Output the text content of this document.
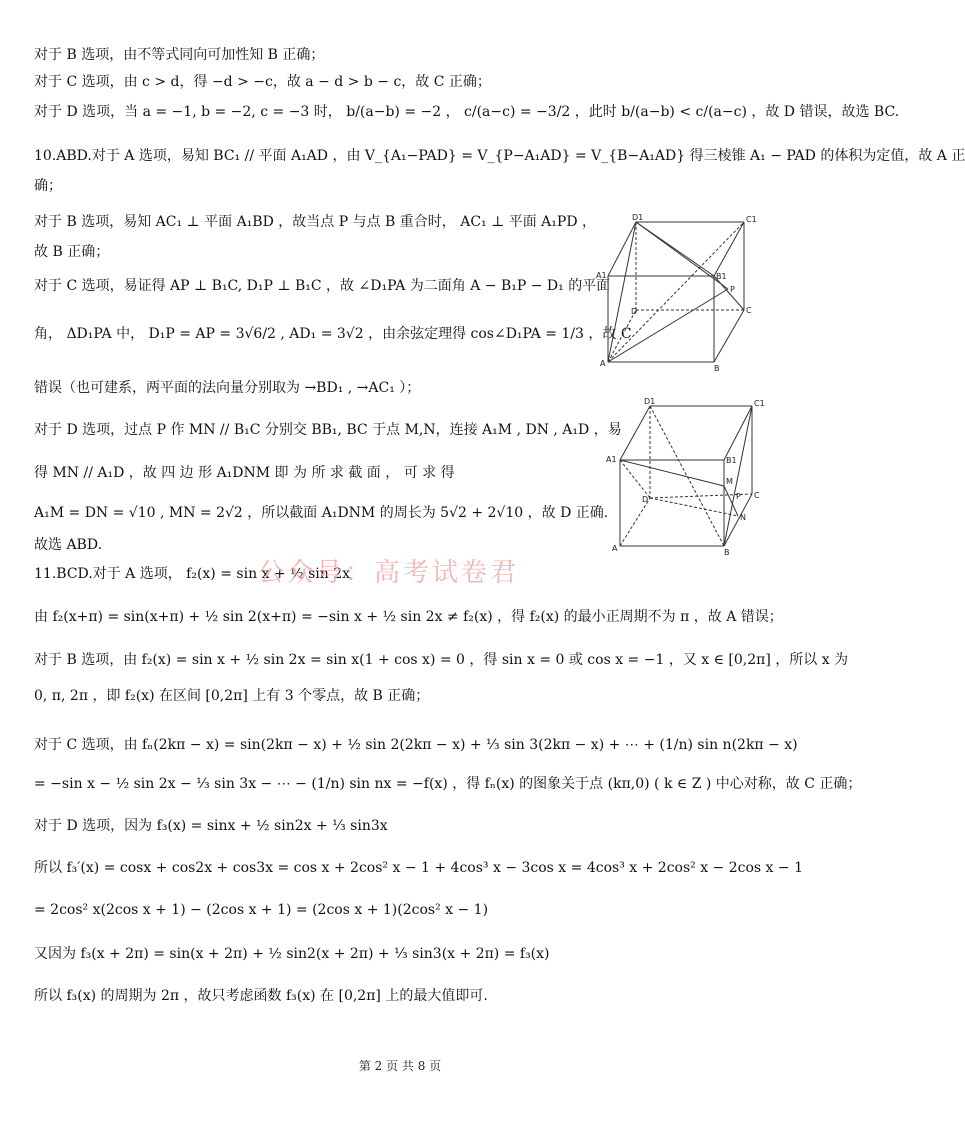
对于 B 选项，由不等式同向可加性知 B 正确；
对于 C 选项，由 c > d，得 −d > −c，故 a − d > b − c，故 C 正确；
对于 D 选项，当 a = −1, b = −2, c = −3 时， b/(a−b) = −2 ， c/(a−c) = −3/2 ，此时 b/(a−b) < c/(a−c) ，故 D 错误，故选 BC.
10.ABD.对于 A 选项，易知 BC₁ // 平面 A₁AD ，由 V_{A₁−PAD} = V_{P−A₁AD} = V_{B−A₁AD} 得三棱锥 A₁ − PAD 的体积为定值，故 A 正
确；
对于 B 选项，易知 AC₁ ⊥ 平面 A₁BD ，故当点 P 与点 B 重合时， AC₁ ⊥ 平面 A₁PD ，
故 B 正确；
对于 C 选项，易证得 AP ⊥ B₁C, D₁P ⊥ B₁C ，故 ∠D₁PA 为二面角 A − B₁P − D₁ 的平面
角， ΔD₁PA 中， D₁P = AP = 3√6/2 , AD₁ = 3√2 ，由余弦定理得 cos∠D₁PA = 1/3 ，故 C
错误（也可建系，两平面的法向量分别取为 →BD₁ , →AC₁ ）；
对于 D 选项，过点 P 作 MN // B₁C 分别交 BB₁, BC 于点 M,N，连接 A₁M , DN , A₁D ，易
得 MN // A₁D ，故 四 边 形 A₁DNM 即 为 所 求 截 面 ， 可 求 得
A₁M = DN = √10 , MN = 2√2 ，所以截面 A₁DNM 的周长为 5√2 + 2√10 ，故 D 正确.
故选 ABD.
11.BCD.对于 A 选项， f₂(x) = sin x + ½ sin 2x
由 f₂(x+π) = sin(x+π) + ½ sin 2(x+π) = −sin x + ½ sin 2x ≠ f₂(x) ，得 f₂(x) 的最小正周期不为 π ，故 A 错误；
对于 B 选项，由 f₂(x) = sin x + ½ sin 2x = sin x(1 + cos x) = 0 ，得 sin x = 0 或 cos x = −1 ，又 x ∈ [0,2π] ，所以 x 为
0, π, 2π ，即 f₂(x) 在区间 [0,2π] 上有 3 个零点，故 B 正确；
对于 C 选项，由 fₙ(2kπ − x) = sin(2kπ − x) + ½ sin 2(2kπ − x) + ⅓ sin 3(2kπ − x) + ⋯ + (1/n) sin n(2kπ − x)
= −sin x − ½ sin 2x − ⅓ sin 3x − ⋯ − (1/n) sin nx = −f(x) ，得 fₙ(x) 的图象关于点 (kπ,0) ( k ∈ Z ) 中心对称，故 C 正确；
对于 D 选项，因为 f₃(x) = sinx + ½ sin2x + ⅓ sin3x
所以 f₃′(x) = cosx + cos2x + cos3x = cos x + 2cos² x − 1 + 4cos³ x − 3cos x = 4cos³ x + 2cos² x − 2cos x − 1
= 2cos² x(2cos x + 1) − (2cos x + 1) = (2cos x + 1)(2cos² x − 1)
又因为 f₃(x + 2π) = sin(x + 2π) + ½ sin2(x + 2π) + ⅓ sin3(x + 2π) = f₃(x)
所以 f₃(x) 的周期为 2π ，故只考虑函数 f₃(x) 在 [0,2π] 上的最大值即可.
公众号：高考试卷君
D1	C1
A1	B1
P
D	C
A
B
D1	C1
A1	B1
M
P
D	C
N
A	B
第 2 页 共 8 页
